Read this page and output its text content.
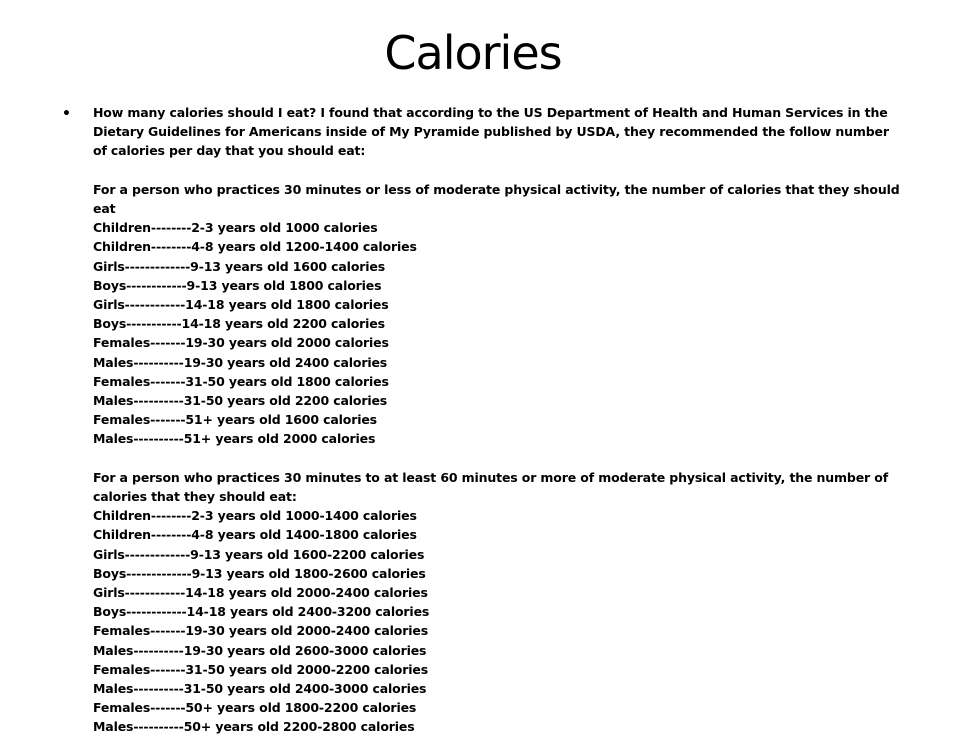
Calories
• How many calories should I eat? I found that according to the US Department of Health and Human Services in the Dietary Guidelines for Americans inside of My Pyramide published by USDA, they recommended the follow number of calories per day that you should eat:
For a person who practices 30 minutes or less of moderate physical activity, the number of calories that they should eat
Children--------2-3 years old 1000 calories
Children--------4-8 years old 1200-1400 calories
Girls-------------9-13 years old 1600 calories
Boys------------9-13 years old 1800 calories
Girls------------14-18 years old 1800 calories
Boys-----------14-18 years old 2200 calories
Females-------19-30 years old 2000 calories
Males----------19-30 years old 2400 calories
Females-------31-50 years old 1800 calories
Males----------31-50 years old 2200 calories
Females-------51+ years old 1600 calories
Males----------51+ years old 2000 calories
For a person who practices 30 minutes to at least 60 minutes or more of moderate physical activity, the number of calories that they should eat:
Children--------2-3 years old 1000-1400 calories
Children--------4-8 years old 1400-1800 calories
Girls-------------9-13 years old 1600-2200 calories
Boys-------------9-13 years old 1800-2600 calories
Girls------------14-18 years old 2000-2400 calories
Boys------------14-18 years old 2400-3200 calories
Females-------19-30 years old 2000-2400 calories
Males----------19-30 years old 2600-3000 calories
Females-------31-50 years old 2000-2200 calories
Males----------31-50 years old 2400-3000 calories
Females-------50+ years old 1800-2200 calories
Males----------50+ years old 2200-2800 calories
